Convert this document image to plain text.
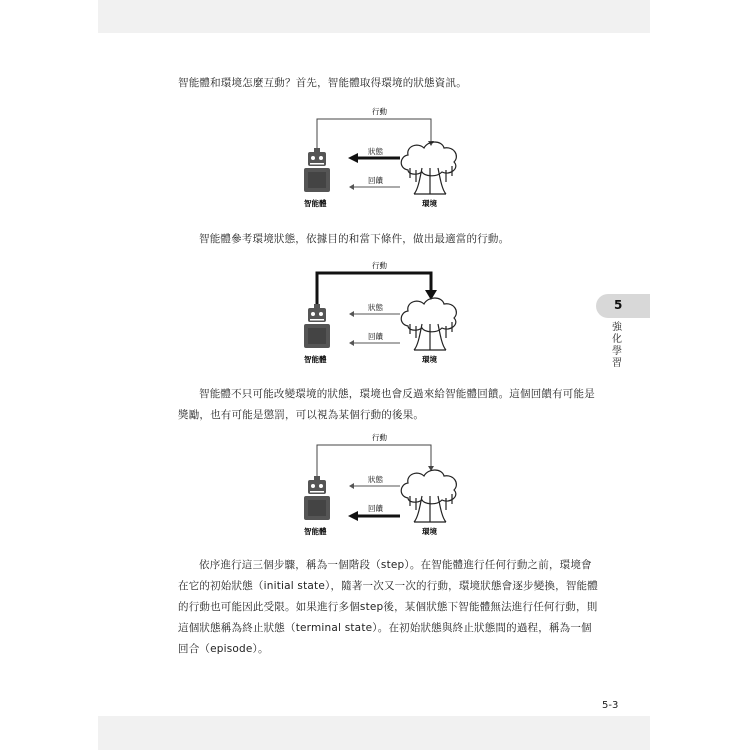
智能體和環境怎麼互動？首先，智能體取得環境的狀態資訊。

行動
狀態
回饋
智能體	環境

智能體參考環境狀態，依據目的和當下條件，做出最適當的行動。

行動
狀態
回饋
智能體	環境

智能體不只可能改變環境的狀態，環境也會反過來給智能體回饋。這個回饋有可能是獎勵，也有可能是懲罰，可以視為某個行動的後果。

行動
狀態
回饋
智能體	環境

依序進行這三個步驟，稱為一個階段（step）。在智能體進行任何行動之前，環境會在它的初始狀態（initial state），隨著一次又一次的行動，環境狀態會逐步變換，智能體的行動也可能因此受限。如果進行多個step後，某個狀態下智能體無法進行任何行動，則這個狀態稱為終止狀態（terminal state）。在初始狀態與終止狀態間的過程，稱為一個回合（episode）。

5
強化學習
5-3
